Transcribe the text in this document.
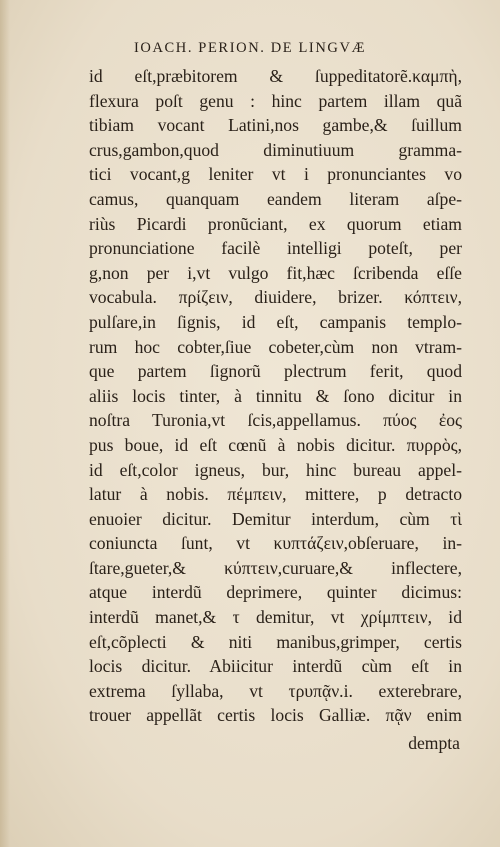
IOACH. PERION. DE LINGVÆ
id eſt,præbitorem & ſuppeditatorẽ.καμπὴ,
flexura poſt genu : hinc partem illam quã
tibiam vocant Latini,nos gambe,& ſuillum
crus,gambon,quod diminutiuum gramma-
tici vocant,g leniter vt i pronunciantes vo
camus, quanquam eandem literam aſpe-
riùs Picardi pronũciant, ex quorum etiam
pronunciatione facilè intelligi poteſt, per
g,non per i,vt vulgo fit,hæc ſcribenda eſſe
vocabula. πρίζειν, diuidere, brizer. κόπτειν,
pulſare,in ſignis, id eſt, campanis templo-
rum hoc cobter,ſiue cobeter,cùm non vtram-
que partem ſignorũ plectrum ferit, quod
aliis locis tinter, à tinnitu & ſono dicitur in
noſtra Turonia,vt ſcis,appellamus. πύος ἐος
pus boue, id eſt cœnũ à nobis dicitur. πυρρὸς,
id eſt,color igneus, bur, hinc bureau appel-
latur à nobis. πέμπειν, mittere, p detracto
enuoier dicitur. Demitur interdum, cùm τὶ
coniuncta ſunt, vt κυπτάζειν,obſeruare, in-
ſtare,gueter,& κύπτειν,curuare,& inflectere,
atque interdũ deprimere, quinter dicimus:
interdũ manet,& τ demitur, vt χρίμπτειν, id
eſt,cõplecti & niti manibus,grimper, certis
locis dicitur. Abiicitur interdũ cùm eſt in
extrema ſyllaba, vt τρυπᾷν.i. exterebrare,
trouer appellãt certis locis Galliæ. πᾷν enim
dempta
